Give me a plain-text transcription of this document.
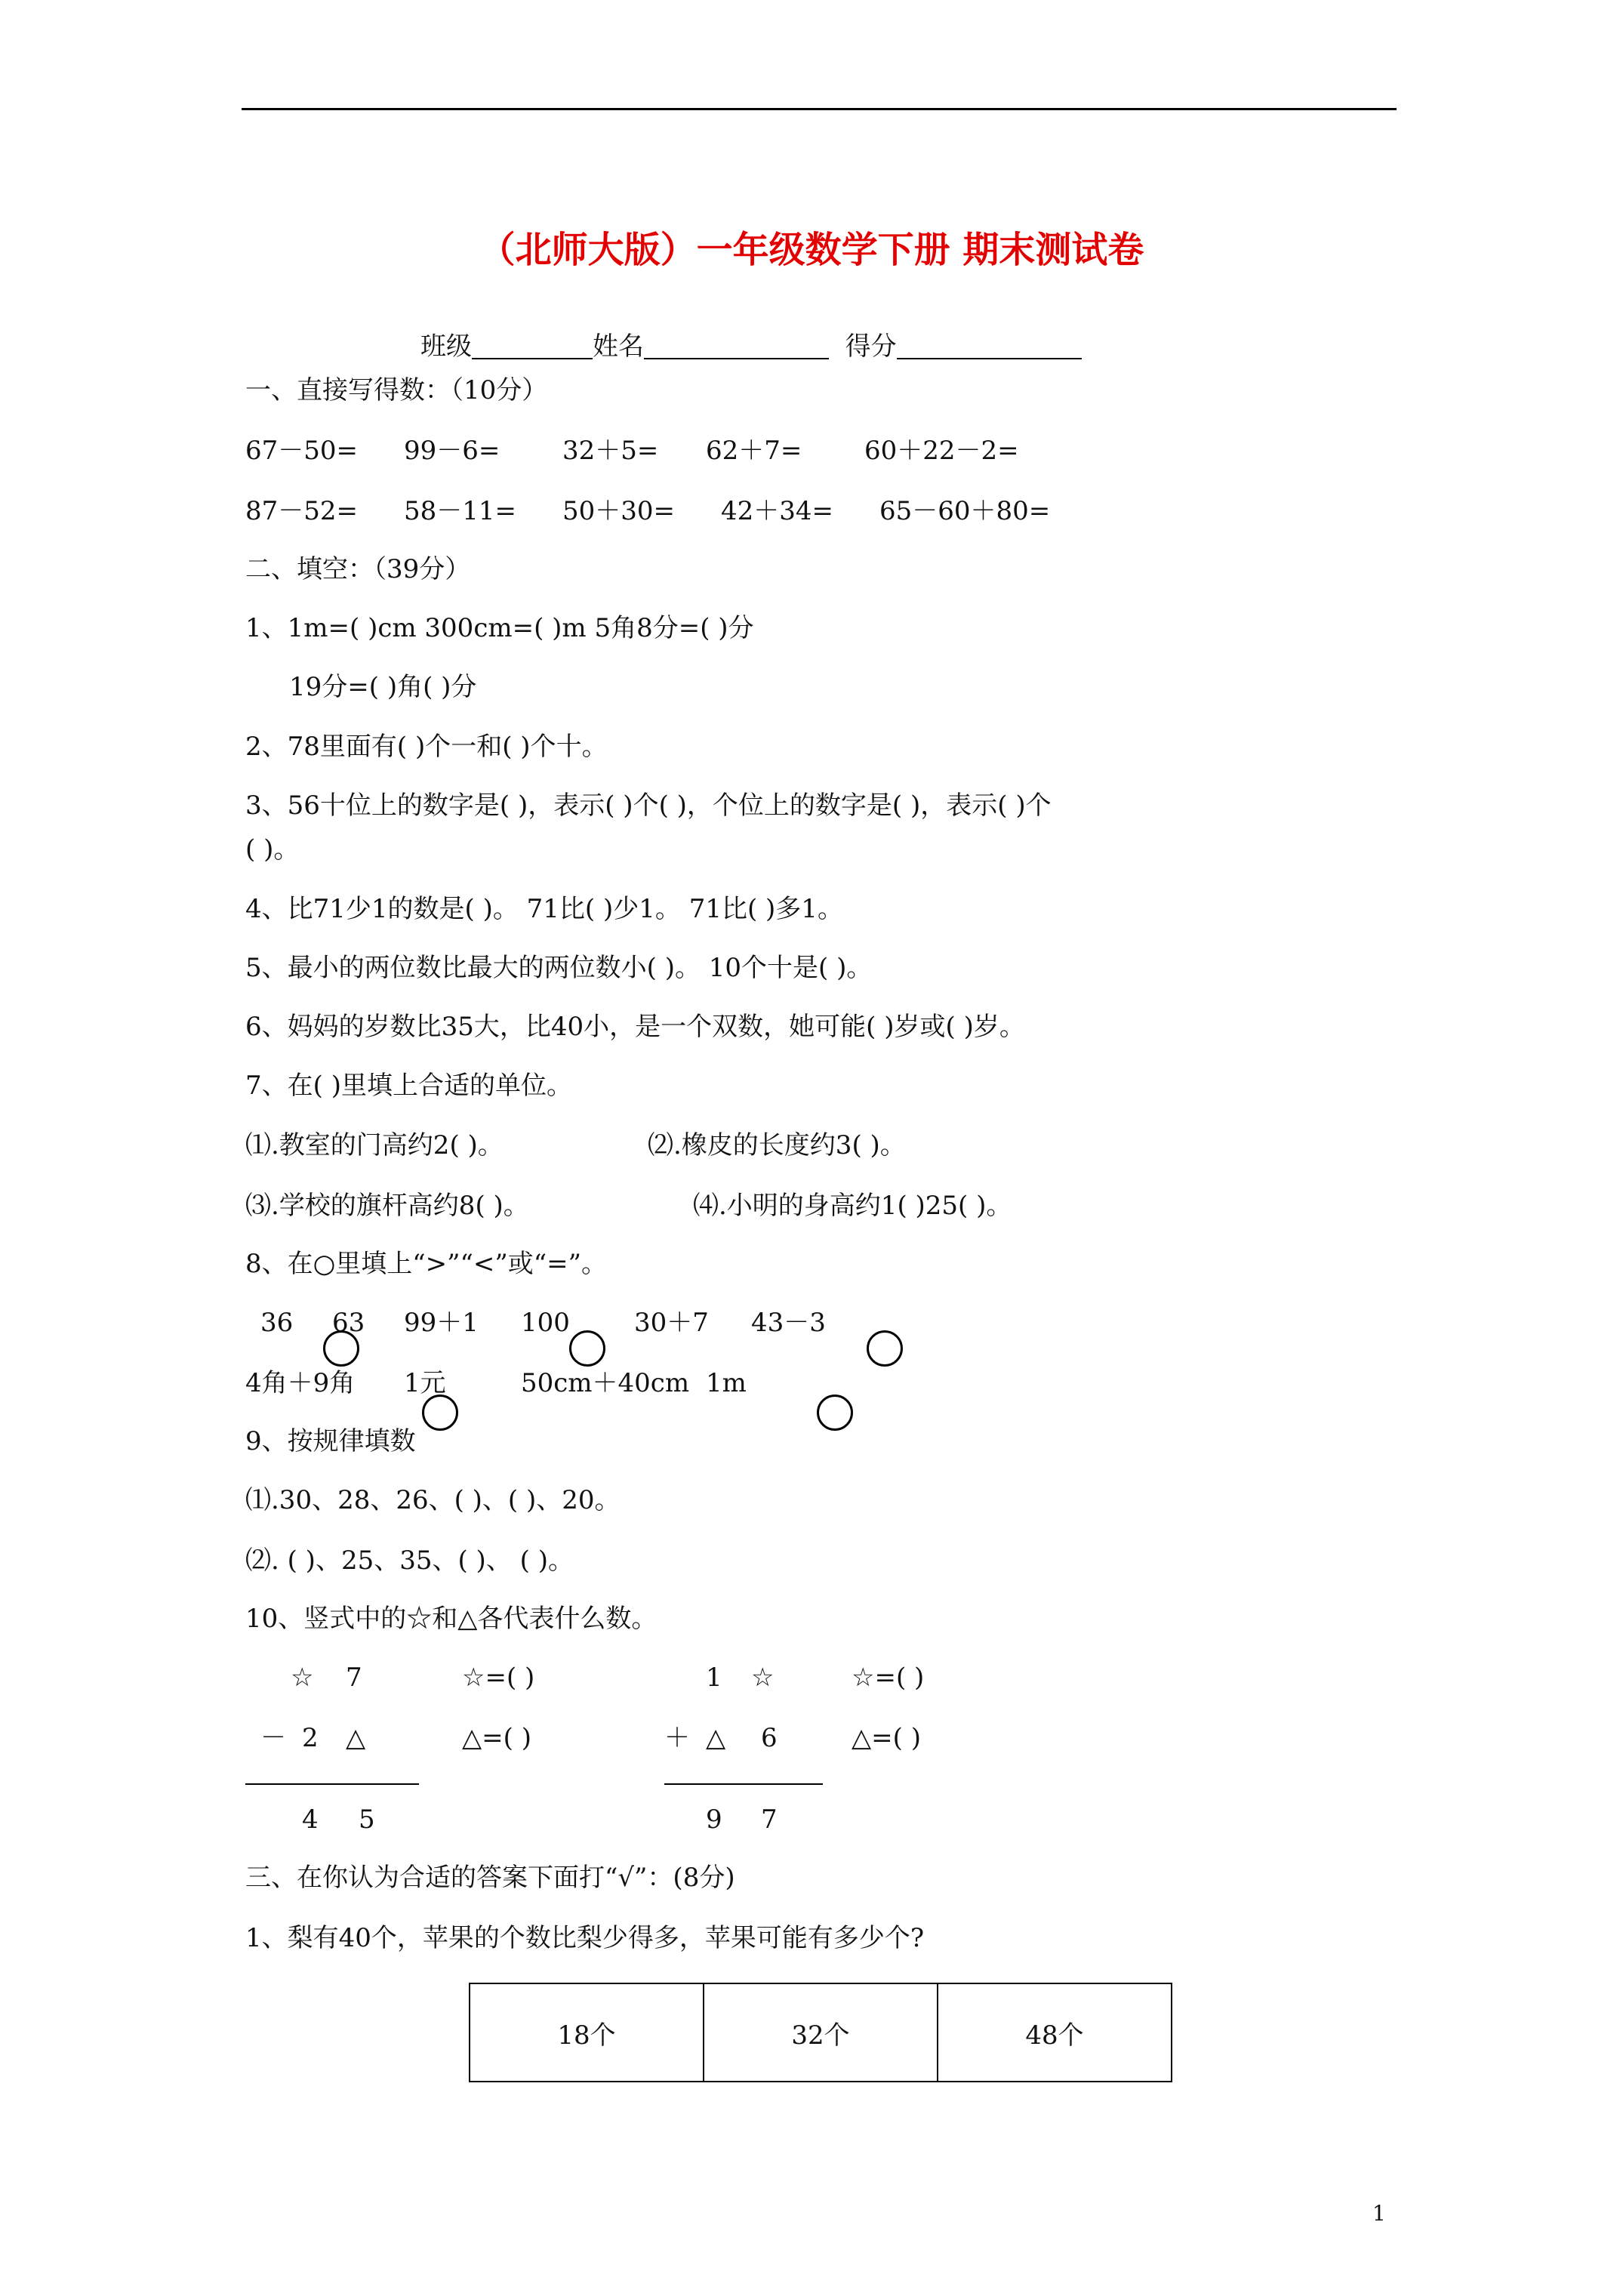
（北师大版）一年级数学下册 期末测试卷
班级	姓名	得分
一、直接写得数：（10分）
67－50= 99－6= 32＋5= 62＋7= 60＋22－2=
87－52= 58－11= 50＋30= 42＋34= 65－60＋80=
二、填空：（39分）
1、1m=( )cm 300cm=( )m 5角8分=( )分
19分=( )角( )分
2、78里面有( )个一和( )个十。
3、56十位上的数字是( )，表示( )个( )，个位上的数字是( )，表示( )个
( )。
4、比71少1的数是( )。 71比( )少1。 71比( )多1。
5、最小的两位数比最大的两位数小( )。 10个十是( )。
6、妈妈的岁数比35大，比40小，是一个双数，她可能( )岁或( )岁。
7、在( )里填上合适的单位。
⑴.教室的门高约2( )。	⑵.橡皮的长度约3( )。
⑶.学校的旗杆高约8( )。	⑷.小明的身高约1( )25( )。
8、在○里填上“>”“<”或“=”。
36 63 99＋1 100	30＋7 43－3
4角＋9角 1元	50cm＋40cm 1m
9、按规律填数
⑴.30、28、26、( )、( )、20。
⑵. ( )、25、35、( )、 ( )。
10、竖式中的☆和△各代表什么数。
☆ 7
－ 2 △
4 5
☆=( )
△=( )
1 ☆
＋ △ 6
9 7
☆=( )
△=( )
三、在你认为合适的答案下面打“√”：(8分)
1、梨有40个，苹果的个数比梨少得多，苹果可能有多少个?
18个	32个	48个
1
